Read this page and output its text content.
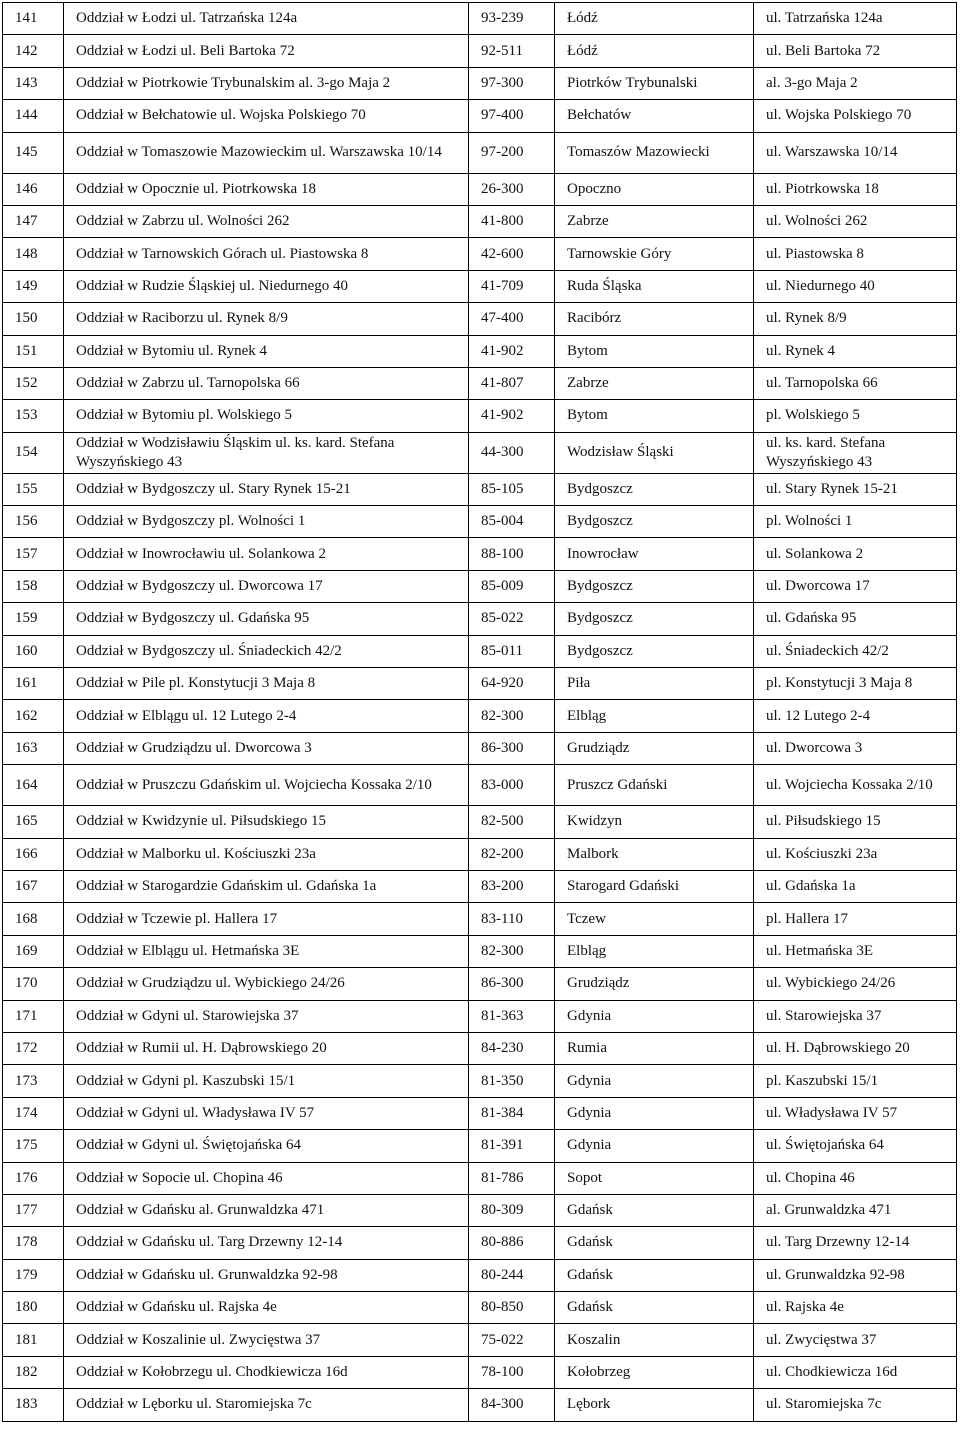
141	Oddział w Łodzi ul. Tatrzańska 124a	93-239	Łódź	ul. Tatrzańska 124a
142	Oddział w Łodzi ul. Beli Bartoka 72	92-511	Łódź	ul. Beli Bartoka 72
143	Oddział w Piotrkowie Trybunalskim al. 3-go Maja 2	97-300	Piotrków Trybunalski	al. 3-go Maja 2
144	Oddział w Bełchatowie ul. Wojska Polskiego 70	97-400	Bełchatów	ul. Wojska Polskiego 70
145	Oddział w Tomaszowie Mazowieckim ul. Warszawska 10/14	97-200	Tomaszów Mazowiecki	ul. Warszawska 10/14
146	Oddział w Opocznie ul. Piotrkowska 18	26-300	Opoczno	ul. Piotrkowska 18
147	Oddział w Zabrzu ul. Wolności 262	41-800	Zabrze	ul. Wolności 262
148	Oddział w Tarnowskich Górach ul. Piastowska 8	42-600	Tarnowskie Góry	ul. Piastowska 8
149	Oddział w Rudzie Śląskiej ul. Niedurnego 40	41-709	Ruda Śląska	ul. Niedurnego 40
150	Oddział w Raciborzu ul. Rynek 8/9	47-400	Racibórz	ul. Rynek 8/9
151	Oddział w Bytomiu ul. Rynek 4	41-902	Bytom	ul. Rynek 4
152	Oddział w Zabrzu ul. Tarnopolska 66	41-807	Zabrze	ul. Tarnopolska 66
153	Oddział w Bytomiu pl. Wolskiego 5	41-902	Bytom	pl. Wolskiego 5
154	Oddział w Wodzisławiu Śląskim ul. ks. kard. Stefana Wyszyńskiego 43	44-300	Wodzisław Śląski	ul. ks. kard. Stefana Wyszyńskiego 43
155	Oddział w Bydgoszczy ul. Stary Rynek 15-21	85-105	Bydgoszcz	ul. Stary Rynek 15-21
156	Oddział w Bydgoszczy pl. Wolności 1	85-004	Bydgoszcz	pl. Wolności 1
157	Oddział w Inowrocławiu ul. Solankowa 2	88-100	Inowrocław	ul. Solankowa 2
158	Oddział w Bydgoszczy ul. Dworcowa 17	85-009	Bydgoszcz	ul. Dworcowa 17
159	Oddział w Bydgoszczy ul. Gdańska 95	85-022	Bydgoszcz	ul. Gdańska 95
160	Oddział w Bydgoszczy ul. Śniadeckich 42/2	85-011	Bydgoszcz	ul. Śniadeckich 42/2
161	Oddział w Pile pl. Konstytucji 3 Maja 8	64-920	Piła	pl. Konstytucji 3 Maja 8
162	Oddział w Elblągu ul. 12 Lutego 2-4	82-300	Elbląg	ul. 12 Lutego 2-4
163	Oddział w Grudziądzu ul. Dworcowa 3	86-300	Grudziądz	ul. Dworcowa 3
164	Oddział w Pruszczu Gdańskim ul. Wojciecha Kossaka 2/10	83-000	Pruszcz Gdański	ul. Wojciecha Kossaka 2/10
165	Oddział w Kwidzynie ul. Piłsudskiego 15	82-500	Kwidzyn	ul. Piłsudskiego 15
166	Oddział w Malborku ul. Kościuszki 23a	82-200	Malbork	ul. Kościuszki 23a
167	Oddział w Starogardzie Gdańskim ul. Gdańska 1a	83-200	Starogard Gdański	ul. Gdańska 1a
168	Oddział w Tczewie pl. Hallera 17	83-110	Tczew	pl. Hallera 17
169	Oddział w Elblągu ul. Hetmańska 3E	82-300	Elbląg	ul. Hetmańska 3E
170	Oddział w Grudziądzu ul. Wybickiego 24/26	86-300	Grudziądz	ul. Wybickiego 24/26
171	Oddział w Gdyni ul. Starowiejska 37	81-363	Gdynia	ul. Starowiejska 37
172	Oddział w Rumii ul. H. Dąbrowskiego 20	84-230	Rumia	ul. H. Dąbrowskiego 20
173	Oddział w Gdyni pl. Kaszubski 15/1	81-350	Gdynia	pl. Kaszubski 15/1
174	Oddział w Gdyni ul. Władysława IV 57	81-384	Gdynia	ul. Władysława IV 57
175	Oddział w Gdyni ul. Świętojańska 64	81-391	Gdynia	ul. Świętojańska 64
176	Oddział w Sopocie ul. Chopina 46	81-786	Sopot	ul. Chopina 46
177	Oddział w Gdańsku al. Grunwaldzka 471	80-309	Gdańsk	al. Grunwaldzka 471
178	Oddział w Gdańsku ul. Targ Drzewny 12-14	80-886	Gdańsk	ul. Targ Drzewny 12-14
179	Oddział w Gdańsku ul. Grunwaldzka 92-98	80-244	Gdańsk	ul. Grunwaldzka 92-98
180	Oddział w Gdańsku ul. Rajska 4e	80-850	Gdańsk	ul. Rajska 4e
181	Oddział w Koszalinie ul. Zwycięstwa 37	75-022	Koszalin	ul. Zwycięstwa 37
182	Oddział w Kołobrzegu ul. Chodkiewicza 16d	78-100	Kołobrzeg	ul. Chodkiewicza 16d
183	Oddział w Lęborku ul. Staromiejska 7c	84-300	Lębork	ul. Staromiejska 7c
